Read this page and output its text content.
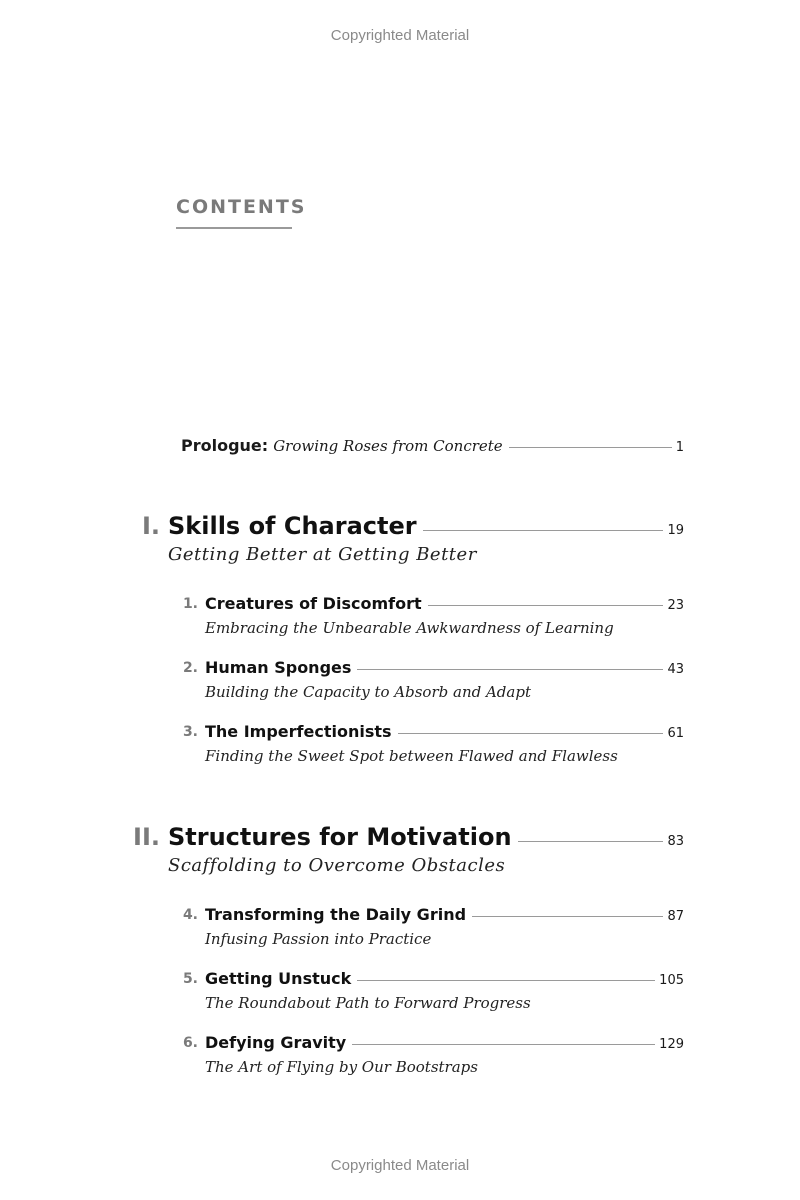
Copyrighted Material
CONTENTS
Prologue: Growing Roses from Concrete	1
I. Skills of Character	19
Getting Better at Getting Better
1. Creatures of Discomfort	23
Embracing the Unbearable Awkwardness of Learning
2. Human Sponges	43
Building the Capacity to Absorb and Adapt
3. The Imperfectionists	61
Finding the Sweet Spot between Flawed and Flawless
II. Structures for Motivation	83
Scaffolding to Overcome Obstacles
4. Transforming the Daily Grind	87
Infusing Passion into Practice
5. Getting Unstuck	105
The Roundabout Path to Forward Progress
6. Defying Gravity	129
The Art of Flying by Our Bootstraps
Copyrighted Material
